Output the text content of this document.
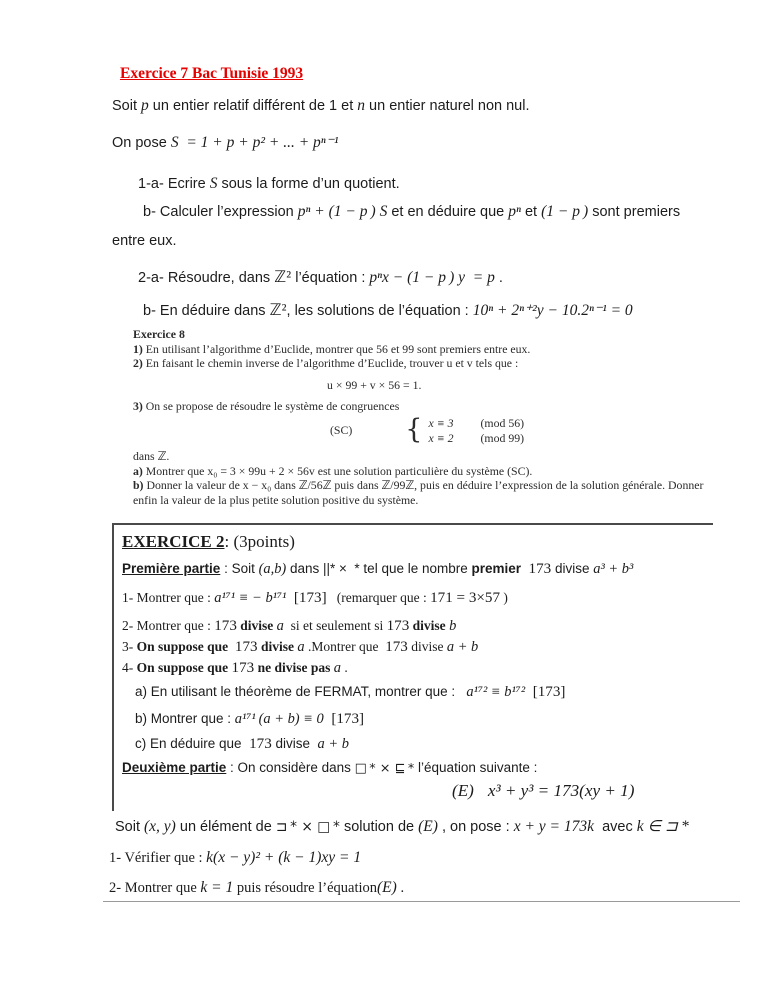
Exercice 7 Bac Tunisie 1993
Soit p un entier relatif différent de 1 et n un entier naturel non nul.
On pose S  = 1 + p + p² + ... + pⁿ⁻¹
1-a- Ecrire S sous la forme d’un quotient.
b- Calculer l’expression pⁿ + (1 − p ) S et en déduire que pⁿ et (1 − p ) sont premiers
entre eux.
2-a- Résoudre, dans ℤ² l’équation : pⁿx − (1 − p ) y  = p .
b- En déduire dans ℤ², les solutions de l’équation : 10ⁿ + 2ⁿ⁺²y − 10.2ⁿ⁻¹ = 0
Exercice 8
1) En utilisant l’algorithme d’Euclide, montrer que 56 et 99 sont premiers entre eux.
2) En faisant le chemin inverse de l’algorithme d’Euclide, trouver u et v tels que :
u × 99 + v × 56 = 1.
3) On se propose de résoudre le système de congruences
(SC) { x ≡ 3	(mod 56)
x ≡ 2	(mod 99)
dans ℤ.
a) Montrer que x₀ = 3 × 99u + 2 × 56v est une solution particulière du système (SC).
b) Donner la valeur de x − x₀ dans ℤ/56ℤ puis dans ℤ/99ℤ, puis en déduire l’expression de la solution générale. Donner enfin la valeur de la plus petite solution positive du système.
EXERCICE 2: (3points)
Première partie : Soit (a,b) dans ||* ×  * tel que le nombre premier 173 divise a³ + b³
1- Montrer que : a¹⁷¹ ≡ − b¹⁷¹  [173]   (remarquer que : 171 = 3×57 )
2- Montrer que : 173 divise a  si et seulement si 173 divise b
3- On suppose que  173 divise a .Montrer que  173 divise a + b
4- On suppose que 173 ne divise pas a .
a) En utilisant le théorème de FERMAT, montrer que :   a¹⁷² ≡ b¹⁷²  [173]
b) Montrer que : a¹⁷¹ (a + b) ≡ 0  [173]
c) En déduire que  173 divise  a + b
Deuxième partie : On considère dans □ * × ⊑ * l’équation suivante :
(E) x³ + y³ = 173(xy + 1)
Soit (x, y) un élément de ⊐ * × □ * solution de (E) , on pose : x + y = 173k  avec k ∈ ⊐ *
1- Vérifier que : k(x − y)² + (k − 1)xy = 1
2- Montrer que k = 1 puis résoudre l’équation(E) .
